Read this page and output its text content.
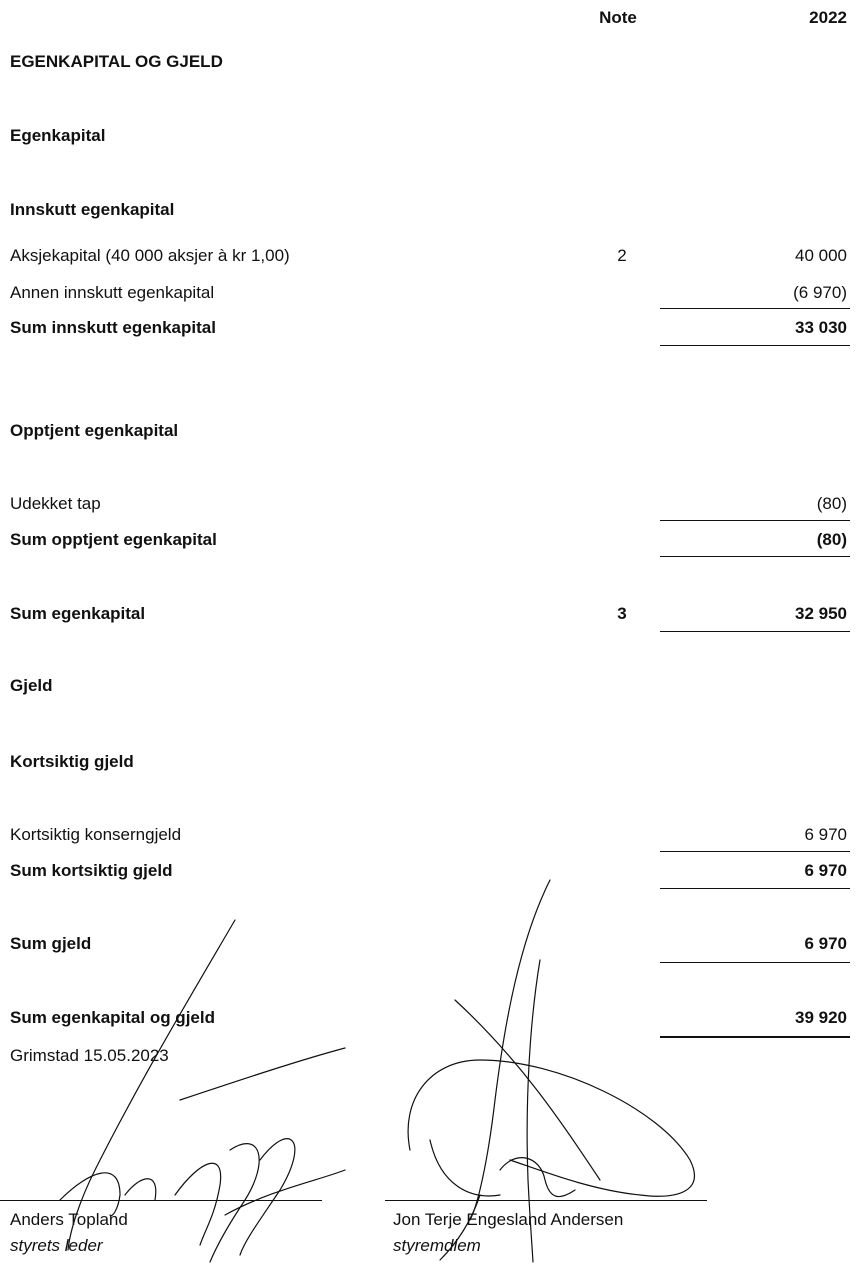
Note	2022
EGENKAPITAL OG GJELD
Egenkapital
Innskutt egenkapital
Aksjekapital (40 000 aksjer à kr 1,00)	2	40 000
Annen innskutt egenkapital	(6 970)
Sum innskutt egenkapital	33 030
Opptjent egenkapital
Udekket tap	(80)
Sum opptjent egenkapital	(80)
Sum egenkapital	3	32 950
Gjeld
Kortsiktig gjeld
Kortsiktig konserngjeld	6 970
Sum kortsiktig gjeld	6 970
Sum gjeld	6 970
Sum egenkapital og gjeld	39 920
Grimstad 15.05.2023
Anders Topland
styrets leder
Jon Terje Engesland Andersen
styremdlem
